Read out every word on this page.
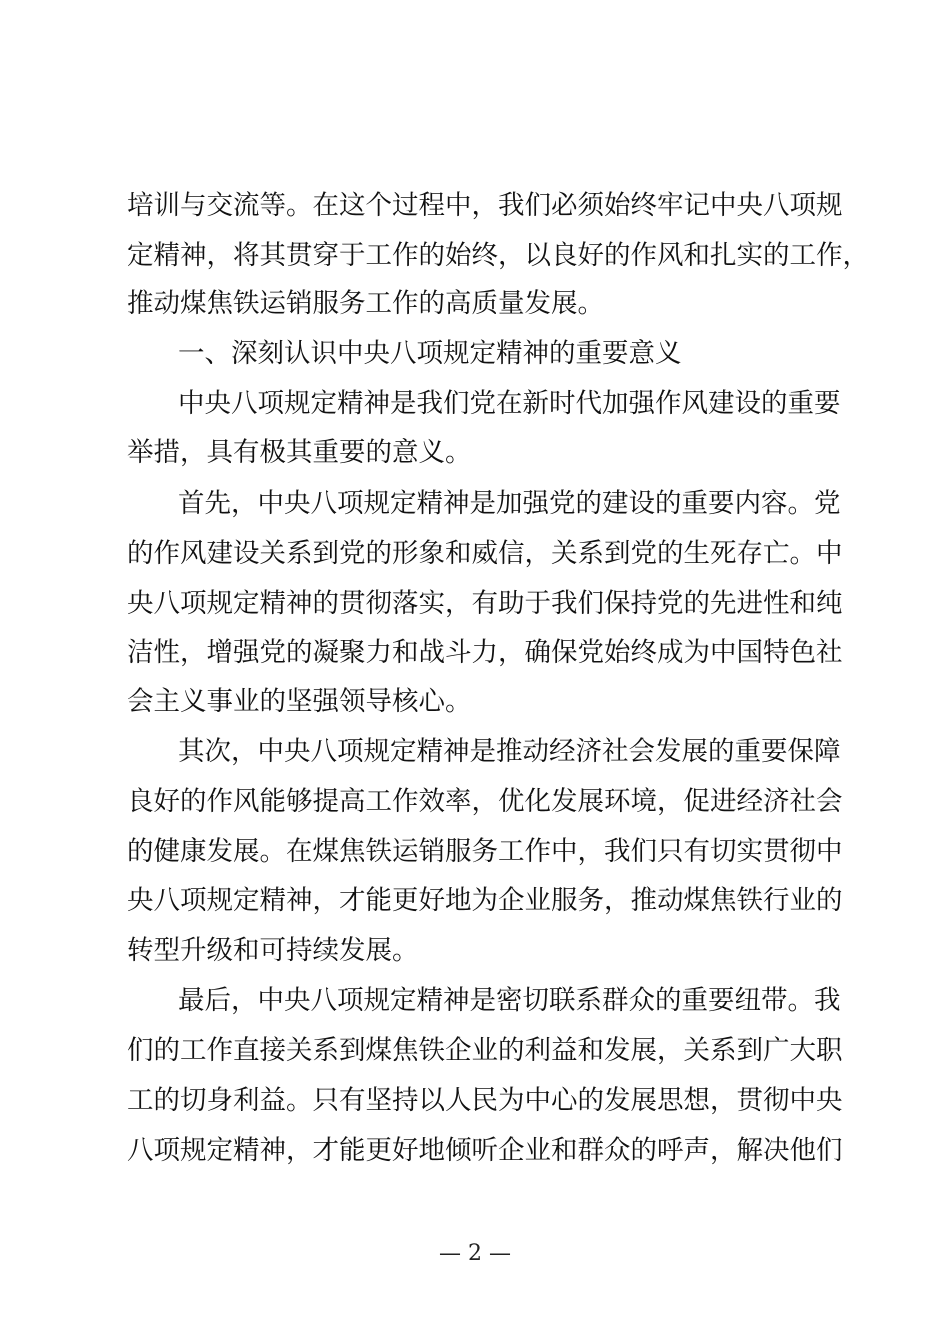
培训与交流等。在这个过程中，我们必须始终牢记中央八项规
定精神，将其贯穿于工作的始终，以良好的作风和扎实的工作，
推动煤焦铁运销服务工作的高质量发展。
一、深刻认识中央八项规定精神的重要意义
中央八项规定精神是我们党在新时代加强作风建设的重要
举措，具有极其重要的意义。
首先，中央八项规定精神是加强党的建设的重要内容。党
的作风建设关系到党的形象和威信，关系到党的生死存亡。中
央八项规定精神的贯彻落实，有助于我们保持党的先进性和纯
洁性，增强党的凝聚力和战斗力，确保党始终成为中国特色社
会主义事业的坚强领导核心。
其次，中央八项规定精神是推动经济社会发展的重要保障
良好的作风能够提高工作效率，优化发展环境，促进经济社会
的健康发展。在煤焦铁运销服务工作中，我们只有切实贯彻中
央八项规定精神，才能更好地为企业服务，推动煤焦铁行业的
转型升级和可持续发展。
最后，中央八项规定精神是密切联系群众的重要纽带。我
们的工作直接关系到煤焦铁企业的利益和发展，关系到广大职
工的切身利益。只有坚持以人民为中心的发展思想，贯彻中央
八项规定精神，才能更好地倾听企业和群众的呼声，解决他们
— 2 —
